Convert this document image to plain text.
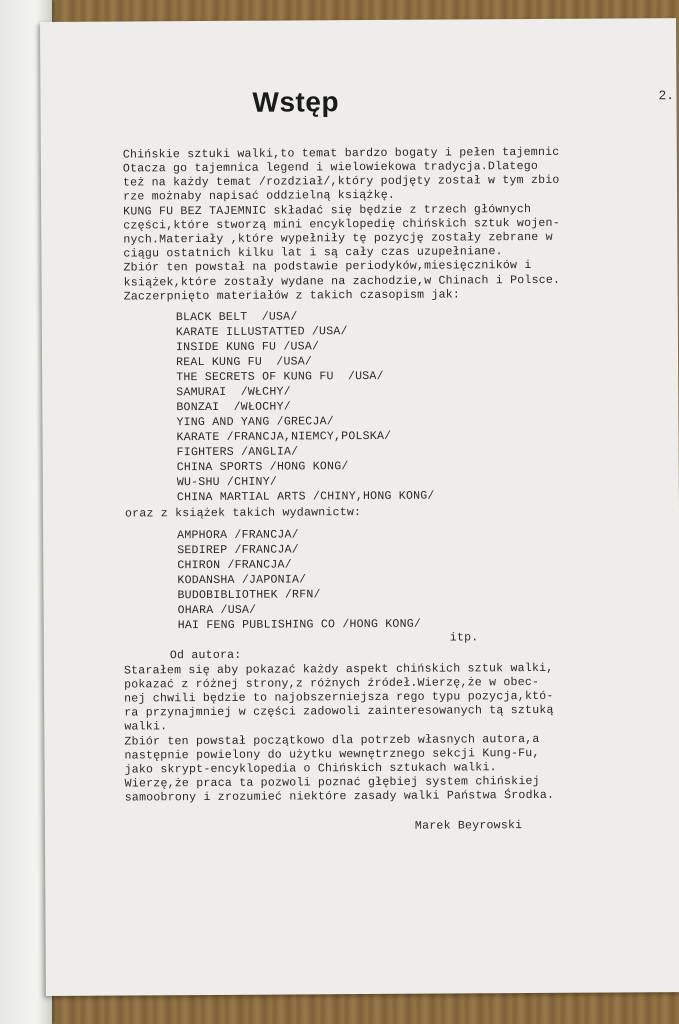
Wstęp	2.
Chińskie sztuki walki,to temat bardzo bogaty i pełen tajemnic
Otacza go tajemnica legend i wielowiekowa tradycja.Dlatego
też na każdy temat /rozdział/,który podjęty został w tym zbio
rze możnaby napisać oddzielną książkę.
KUNG FU BEZ TAJEMNIC składać się będzie z trzech głównych
części,które stworzą mini encyklopedię chińskich sztuk wojen-
nych.Materiały ,które wypełniły tę pozycję zostały zebrane w
ciągu ostatnich kilku lat i są cały czas uzupełniane.
Zbiór ten powstał na podstawie periodyków,miesięczników i
książek,które zostały wydane na zachodzie,w Chinach i Polsce.
Zaczerpnięto materiałów z takich czasopism jak:
BLACK BELT  /USA/
KARATE ILLUSTATTED /USA/
INSIDE KUNG FU /USA/
REAL KUNG FU  /USA/
THE SECRETS OF KUNG FU  /USA/
SAMURAI  /WŁCHY/
BONZAI  /WŁOCHY/
YING AND YANG /GRECJA/
KARATE /FRANCJA,NIEMCY,POLSKA/
FIGHTERS /ANGLIA/
CHINA SPORTS /HONG KONG/
WU-SHU /CHINY/
CHINA MARTIAL ARTS /CHINY,HONG KONG/
oraz z książek takich wydawnictw:
AMPHORA /FRANCJA/
SEDIREP /FRANCJA/
CHIRON /FRANCJA/
KODANSHA /JAPONIA/
BUDOBIBLIOTHEK /RFN/
OHARA /USA/
HAI FENG PUBLISHING CO /HONG KONG/
itp.
Od autora:
Starałem się aby pokazać każdy aspekt chińskich sztuk walki,
pokazać z różnej strony,z różnych źródeł.Wierzę,że w obec-
nej chwili będzie to najobszerniejsza rego typu pozycja,któ-
ra przynajmniej w części zadowoli zainteresowanych tą sztuką
walki.
Zbiór ten powstał początkowo dla potrzeb własnych autora,a
następnie powielony do użytku wewnętrznego sekcji Kung-Fu,
jako skrypt-encyklopedia o Chińskich sztukach walki.
Wierzę,że praca ta pozwoli poznać głębiej system chińskiej
samoobrony i zrozumieć niektóre zasady walki Państwa Środka.
Marek Beyrowski
